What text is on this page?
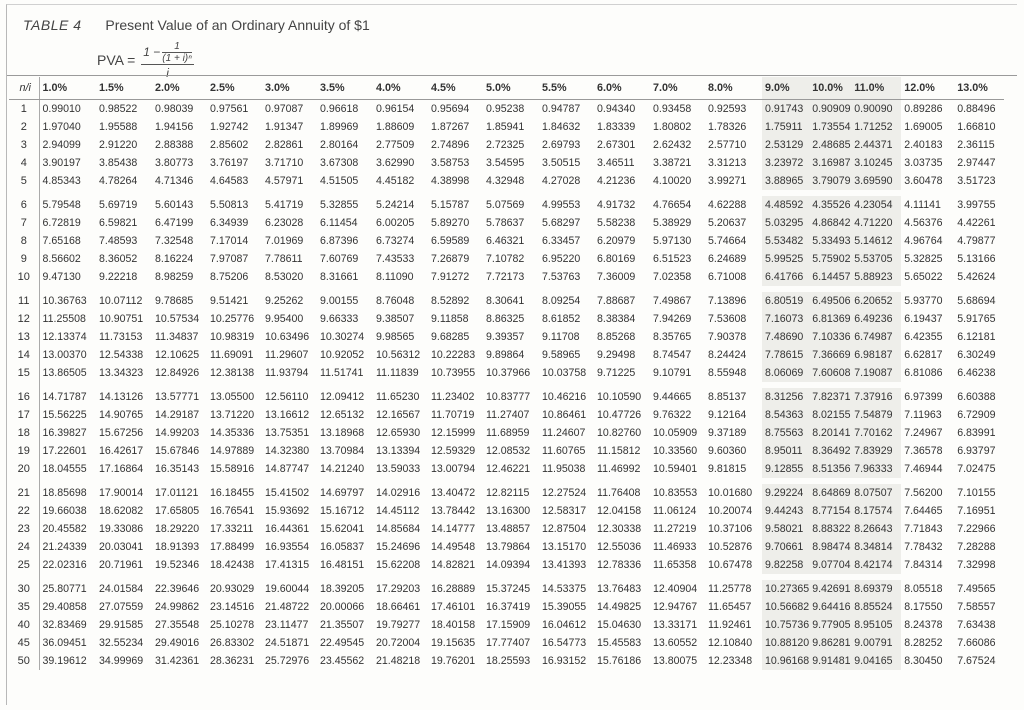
TABLE 4 Present Value of an Ordinary Annuity of $1
PVA = 1 − 1
(1 + i)ⁿ
i
n/i	1.0%	1.5%	2.0%	2.5%	3.0%	3.5%	4.0%	4.5%	5.0%	5.5%	6.0%	7.0%	8.0%	9.0%	10.0%	11.0%	12.0%	13.0%
1	0.99010	0.98522	0.98039	0.97561	0.97087	0.96618	0.96154	0.95694	0.95238	0.94787	0.94340	0.93458	0.92593	0.91743	0.90909	0.90090	0.89286	0.88496
2	1.97040	1.95588	1.94156	1.92742	1.91347	1.89969	1.88609	1.87267	1.85941	1.84632	1.83339	1.80802	1.78326	1.75911	1.73554	1.71252	1.69005	1.66810
3	2.94099	2.91220	2.88388	2.85602	2.82861	2.80164	2.77509	2.74896	2.72325	2.69793	2.67301	2.62432	2.57710	2.53129	2.48685	2.44371	2.40183	2.36115
4	3.90197	3.85438	3.80773	3.76197	3.71710	3.67308	3.62990	3.58753	3.54595	3.50515	3.46511	3.38721	3.31213	3.23972	3.16987	3.10245	3.03735	2.97447
5	4.85343	4.78264	4.71346	4.64583	4.57971	4.51505	4.45182	4.38998	4.32948	4.27028	4.21236	4.10020	3.99271	3.88965	3.79079	3.69590	3.60478	3.51723

6	5.79548	5.69719	5.60143	5.50813	5.41719	5.32855	5.24214	5.15787	5.07569	4.99553	4.91732	4.76654	4.62288	4.48592	4.35526	4.23054	4.11141	3.99755
7	6.72819	6.59821	6.47199	6.34939	6.23028	6.11454	6.00205	5.89270	5.78637	5.68297	5.58238	5.38929	5.20637	5.03295	4.86842	4.71220	4.56376	4.42261
8	7.65168	7.48593	7.32548	7.17014	7.01969	6.87396	6.73274	6.59589	6.46321	6.33457	6.20979	5.97130	5.74664	5.53482	5.33493	5.14612	4.96764	4.79877
9	8.56602	8.36052	8.16224	7.97087	7.78611	7.60769	7.43533	7.26879	7.10782	6.95220	6.80169	6.51523	6.24689	5.99525	5.75902	5.53705	5.32825	5.13166
10	9.47130	9.22218	8.98259	8.75206	8.53020	8.31661	8.11090	7.91272	7.72173	7.53763	7.36009	7.02358	6.71008	6.41766	6.14457	5.88923	5.65022	5.42624

11	10.36763	10.07112	9.78685	9.51421	9.25262	9.00155	8.76048	8.52892	8.30641	8.09254	7.88687	7.49867	7.13896	6.80519	6.49506	6.20652	5.93770	5.68694
12	11.25508	10.90751	10.57534	10.25776	9.95400	9.66333	9.38507	9.11858	8.86325	8.61852	8.38384	7.94269	7.53608	7.16073	6.81369	6.49236	6.19437	5.91765
13	12.13374	11.73153	11.34837	10.98319	10.63496	10.30274	9.98565	9.68285	9.39357	9.11708	8.85268	8.35765	7.90378	7.48690	7.10336	6.74987	6.42355	6.12181
14	13.00370	12.54338	12.10625	11.69091	11.29607	10.92052	10.56312	10.22283	9.89864	9.58965	9.29498	8.74547	8.24424	7.78615	7.36669	6.98187	6.62817	6.30249
15	13.86505	13.34323	12.84926	12.38138	11.93794	11.51741	11.11839	10.73955	10.37966	10.03758	9.71225	9.10791	8.55948	8.06069	7.60608	7.19087	6.81086	6.46238

16	14.71787	14.13126	13.57771	13.05500	12.56110	12.09412	11.65230	11.23402	10.83777	10.46216	10.10590	9.44665	8.85137	8.31256	7.82371	7.37916	6.97399	6.60388
17	15.56225	14.90765	14.29187	13.71220	13.16612	12.65132	12.16567	11.70719	11.27407	10.86461	10.47726	9.76322	9.12164	8.54363	8.02155	7.54879	7.11963	6.72909
18	16.39827	15.67256	14.99203	14.35336	13.75351	13.18968	12.65930	12.15999	11.68959	11.24607	10.82760	10.05909	9.37189	8.75563	8.20141	7.70162	7.24967	6.83991
19	17.22601	16.42617	15.67846	14.97889	14.32380	13.70984	13.13394	12.59329	12.08532	11.60765	11.15812	10.33560	9.60360	8.95011	8.36492	7.83929	7.36578	6.93797
20	18.04555	17.16864	16.35143	15.58916	14.87747	14.21240	13.59033	13.00794	12.46221	11.95038	11.46992	10.59401	9.81815	9.12855	8.51356	7.96333	7.46944	7.02475

21	18.85698	17.90014	17.01121	16.18455	15.41502	14.69797	14.02916	13.40472	12.82115	12.27524	11.76408	10.83553	10.01680	9.29224	8.64869	8.07507	7.56200	7.10155
22	19.66038	18.62082	17.65805	16.76541	15.93692	15.16712	14.45112	13.78442	13.16300	12.58317	12.04158	11.06124	10.20074	9.44243	8.77154	8.17574	7.64465	7.16951
23	20.45582	19.33086	18.29220	17.33211	16.44361	15.62041	14.85684	14.14777	13.48857	12.87504	12.30338	11.27219	10.37106	9.58021	8.88322	8.26643	7.71843	7.22966
24	21.24339	20.03041	18.91393	17.88499	16.93554	16.05837	15.24696	14.49548	13.79864	13.15170	12.55036	11.46933	10.52876	9.70661	8.98474	8.34814	7.78432	7.28288
25	22.02316	20.71961	19.52346	18.42438	17.41315	16.48151	15.62208	14.82821	14.09394	13.41393	12.78336	11.65358	10.67478	9.82258	9.07704	8.42174	7.84314	7.32998

30	25.80771	24.01584	22.39646	20.93029	19.60044	18.39205	17.29203	16.28889	15.37245	14.53375	13.76483	12.40904	11.25778	10.27365	9.42691	8.69379	8.05518	7.49565
35	29.40858	27.07559	24.99862	23.14516	21.48722	20.00066	18.66461	17.46101	16.37419	15.39055	14.49825	12.94767	11.65457	10.56682	9.64416	8.85524	8.17550	7.58557
40	32.83469	29.91585	27.35548	25.10278	23.11477	21.35507	19.79277	18.40158	17.15909	16.04612	15.04630	13.33171	11.92461	10.75736	9.77905	8.95105	8.24378	7.63438
45	36.09451	32.55234	29.49016	26.83302	24.51871	22.49545	20.72004	19.15635	17.77407	16.54773	15.45583	13.60552	12.10840	10.88120	9.86281	9.00791	8.28252	7.66086
50	39.19612	34.99969	31.42361	28.36231	25.72976	23.45562	21.48218	19.76201	18.25593	16.93152	15.76186	13.80075	12.23348	10.96168	9.91481	9.04165	8.30450	7.67524
